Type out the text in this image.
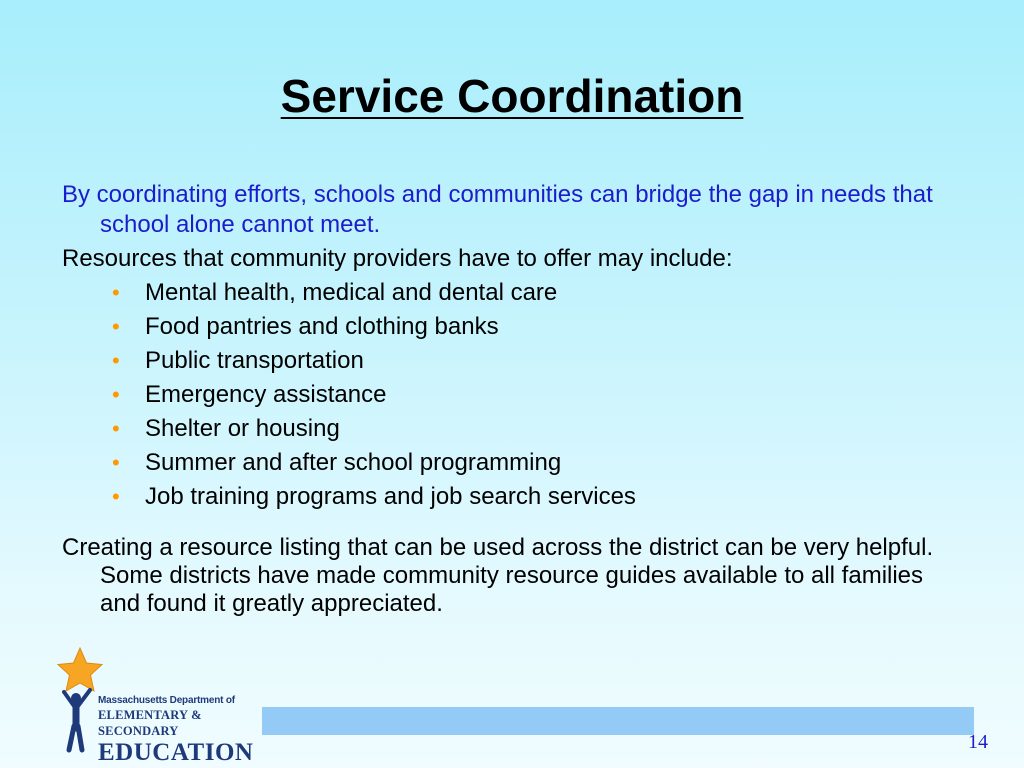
Service Coordination

By coordinating efforts, schools and communities can bridge the gap in needs that school alone cannot meet.

Resources that community providers have to offer may include:

• Mental health, medical and dental care
• Food pantries and clothing banks
• Public transportation
• Emergency assistance
• Shelter or housing
• Summer and after school programming
• Job training programs and job search services

Creating a resource listing that can be used across the district can be very helpful. Some districts have made community resource guides available to all families and found it greatly appreciated.

Massachusetts Department of
ELEMENTARY & SECONDARY
EDUCATION	14
